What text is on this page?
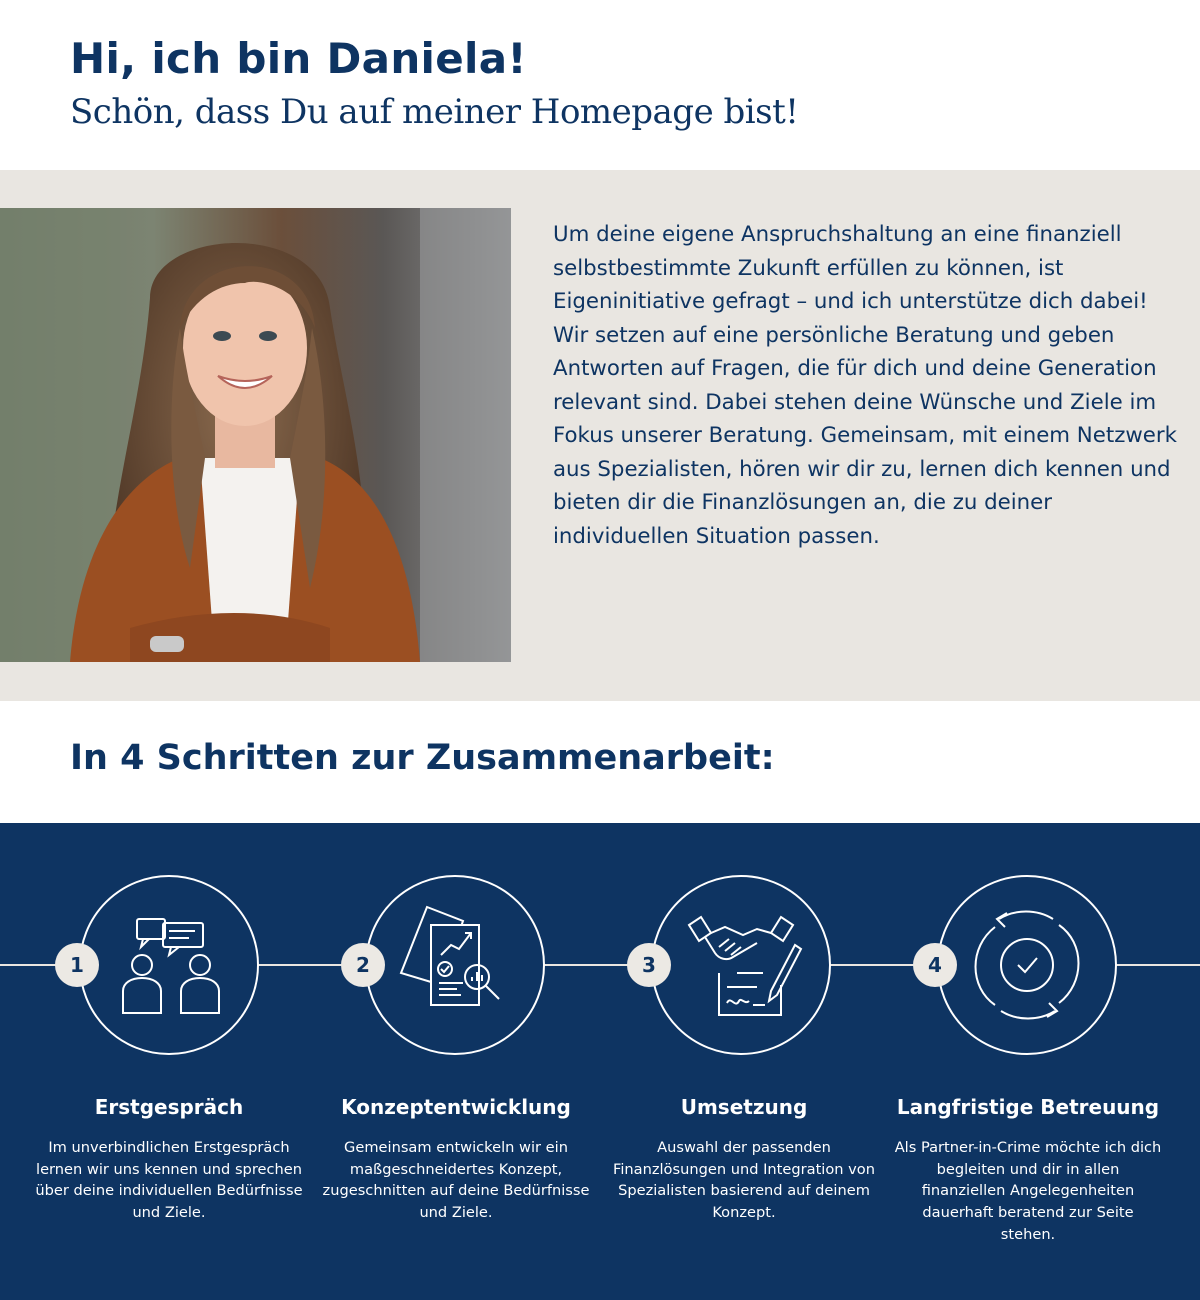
Hi, ich bin Daniela!
Schön, dass Du auf meiner Homepage bist!

Um deine eigene Anspruchshaltung an eine finanziell selbstbestimmte Zukunft erfüllen zu können, ist Eigeninitiative gefragt – und ich unterstütze dich dabei!

Wir setzen auf eine persönliche Beratung und geben Antworten auf Fragen, die für dich und deine Generation relevant sind. Dabei stehen deine Wünsche und Ziele im Fokus unserer Beratung. Gemeinsam, mit einem Netzwerk aus Spezialisten, hören wir dir zu, lernen dich kennen und bieten dir die Finanzlösungen an, die zu deiner individuellen Situation passen.

In 4 Schritten zur Zusammenarbeit:
1	2	3	4
Erstgespräch	Konzeptentwicklung	Umsetzung	Langfristige Betreuung
Im unverbindlichen Erstgespräch lernen wir uns kennen und sprechen über deine individuellen Bedürfnisse und Ziele.
Gemeinsam entwickeln wir ein maßgeschneidertes Konzept, zugeschnitten auf deine Bedürfnisse und Ziele.
Auswahl der passenden Finanzlösungen und Integration von Spezialisten basierend auf deinem Konzept.
Als Partner-in-Crime möchte ich dich begleiten und dir in allen finanziellen Angelegenheiten dauerhaft beratend zur Seite stehen.
